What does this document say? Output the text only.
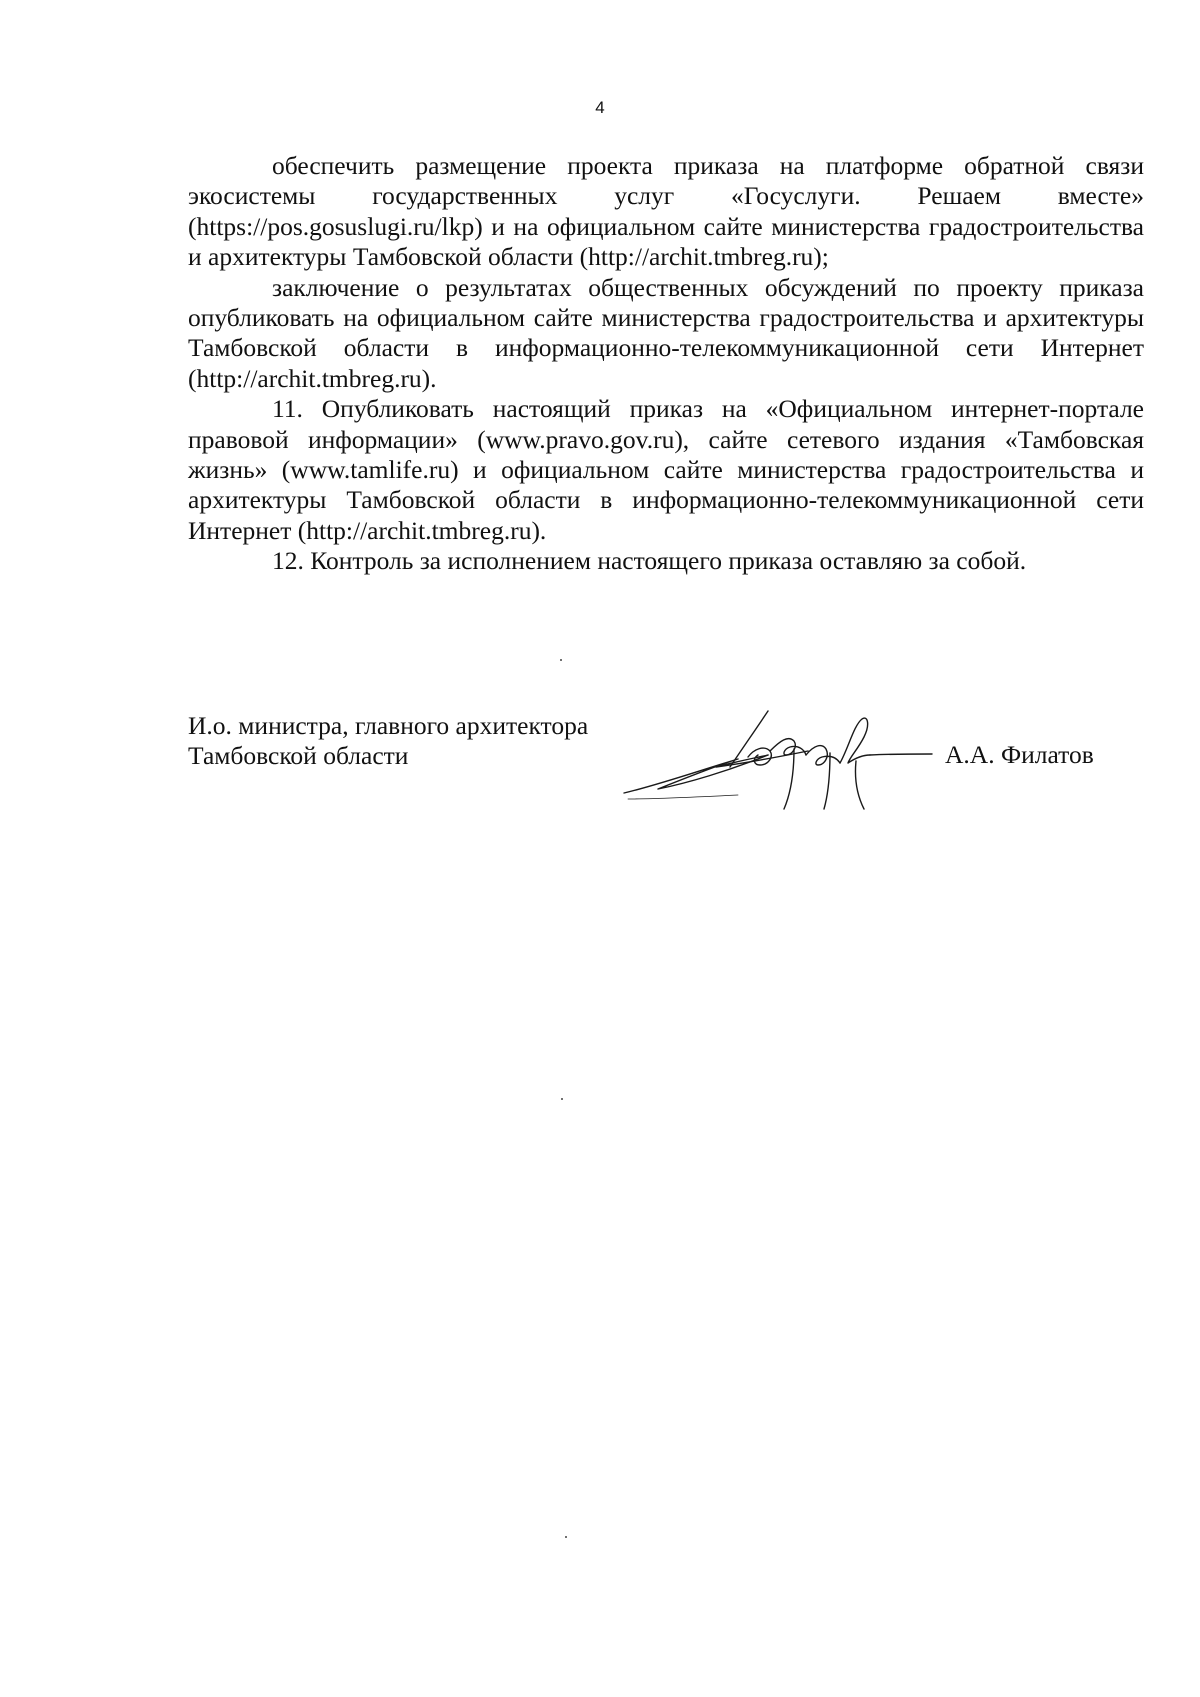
4

обеспечить размещение проекта приказа на платформе обратной связи экосистемы государственных услуг «Госуслуги. Решаем вместе» (https://pos.gosuslugi.ru/lkp) и на официальном сайте министерства градостроительства и архитектуры Тамбовской области (http://archit.tmbreg.ru);

заключение о результатах общественных обсуждений по проекту приказа опубликовать на официальном сайте министерства градостроительства и архитектуры Тамбовской области в информационно-телекоммуникационной сети Интернет (http://archit.tmbreg.ru).

11. Опубликовать настоящий приказ на «Официальном интернет-портале правовой информации» (www.pravo.gov.ru), сайте сетевого издания «Тамбовская жизнь» (www.tamlife.ru) и официальном сайте министерства градостроительства и архитектуры Тамбовской области в информационно-телекоммуникационной сети Интернет (http://archit.tmbreg.ru).

12. Контроль за исполнением настоящего приказа оставляю за собой.

И.о. министра, главного архитектора
Тамбовской области	А.А. Филатов
